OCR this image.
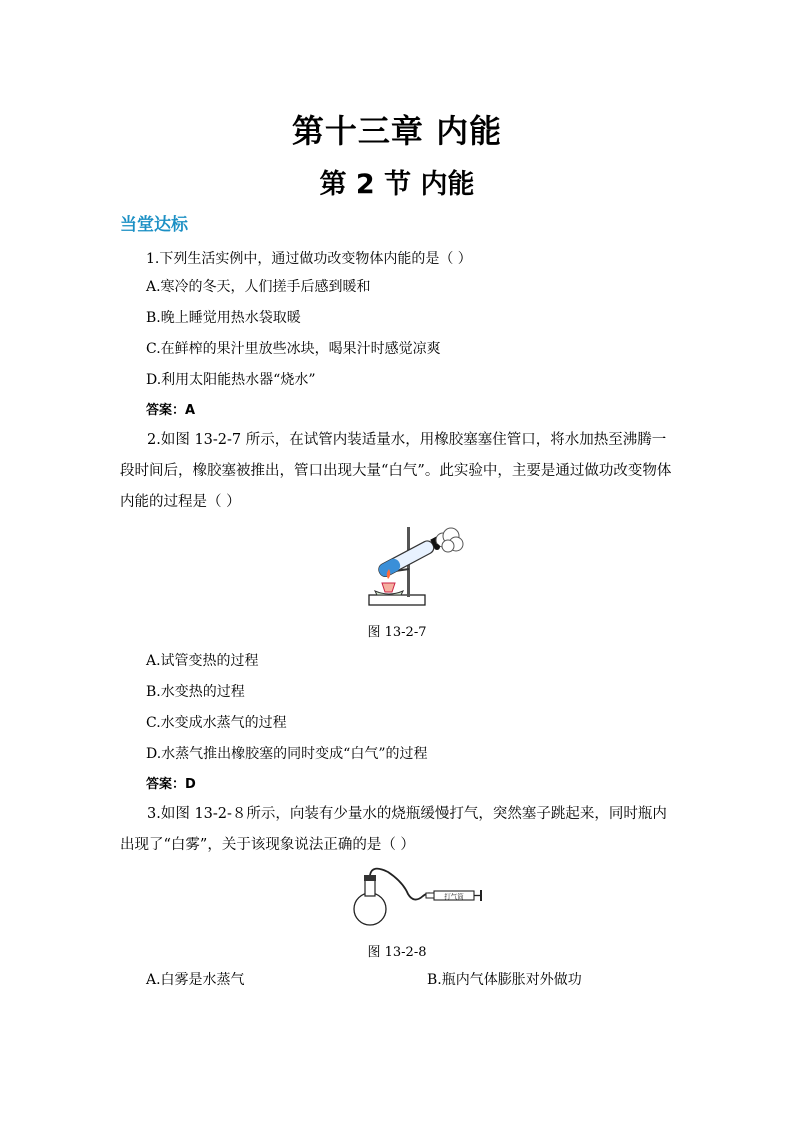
第十三章 内能
第 2 节 内能
当堂达标
1.下列生活实例中，通过做功改变物体内能的是（ ）
A.寒冷的冬天，人们搓手后感到暖和
B.晚上睡觉用热水袋取暖
C.在鲜榨的果汁里放些冰块，喝果汁时感觉凉爽
D.利用太阳能热水器“烧水”
答案：A
2.如图 13-2-7 所示，在试管内装适量水，用橡胶塞塞住管口，将水加热至沸腾一段时间后，橡胶塞被推出，管口出现大量“白气”。此实验中，主要是通过做功改变物体内能的过程是（ ）
图 13-2-7
A.试管变热的过程
B.水变热的过程
C.水变成水蒸气的过程
D.水蒸气推出橡胶塞的同时变成“白气”的过程
答案：D
3.如图 13-2-８所示，向装有少量水的烧瓶缓慢打气，突然塞子跳起来，同时瓶内出现了“白雾”，关于该现象说法正确的是（ ）
打气筒
图 13-2-8
A.白雾是水蒸气	B.瓶内气体膨胀对外做功
